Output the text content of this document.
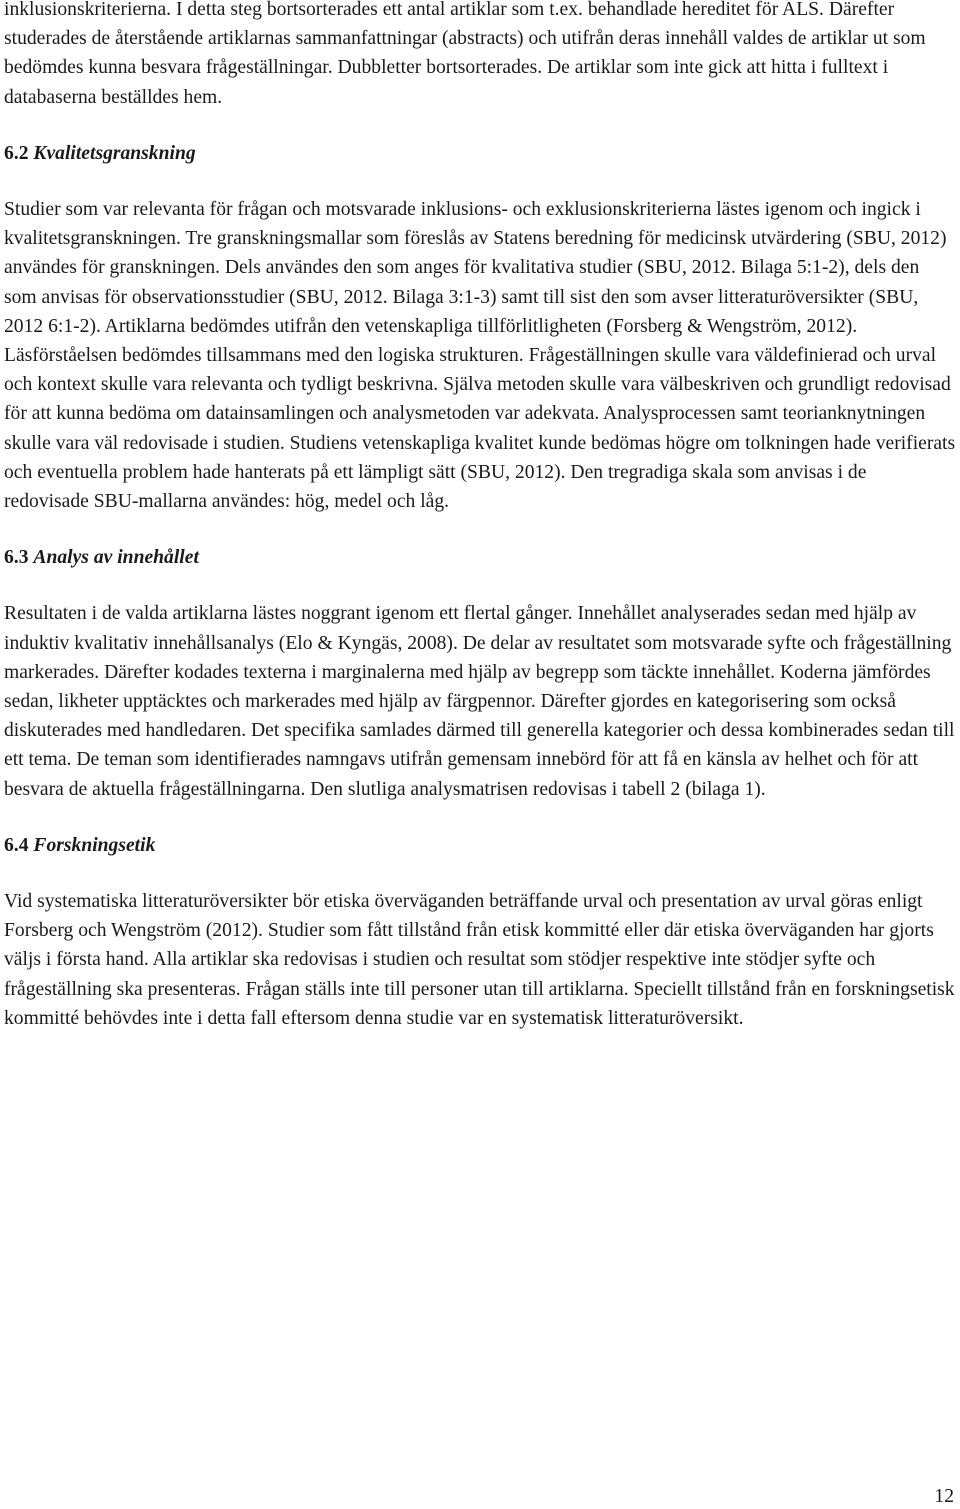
inklusionskriterierna. I detta steg bortsorterades ett antal artiklar som t.ex. behandlade hereditet för ALS. Därefter studerades de återstående artiklarnas sammanfattningar (abstracts) och utifrån deras innehåll valdes de artiklar ut som bedömdes kunna besvara frågeställningar. Dubbletter bortsorterades. De artiklar som inte gick att hitta i fulltext i databaserna beställdes hem.

6.2 Kvalitetsgranskning

Studier som var relevanta för frågan och motsvarade inklusions- och exklusionskriterierna lästes igenom och ingick i kvalitetsgranskningen. Tre granskningsmallar som föreslås av Statens beredning för medicinsk utvärdering (SBU, 2012) användes för granskningen. Dels användes den som anges för kvalitativa studier (SBU, 2012. Bilaga 5:1-2), dels den som anvisas för observationsstudier (SBU, 2012. Bilaga 3:1-3) samt till sist den som avser litteraturöversikter (SBU, 2012 6:1-2). Artiklarna bedömdes utifrån den vetenskapliga tillförlitligheten (Forsberg & Wengström, 2012). Läsförståelsen bedömdes tillsammans med den logiska strukturen. Frågeställningen skulle vara väldefinierad och urval och kontext skulle vara relevanta och tydligt beskrivna. Själva metoden skulle vara välbeskriven och grundligt redovisad för att kunna bedöma om datainsamlingen och analysmetoden var adekvata. Analysprocessen samt teorianknytningen skulle vara väl redovisade i studien. Studiens vetenskapliga kvalitet kunde bedömas högre om tolkningen hade verifierats och eventuella problem hade hanterats på ett lämpligt sätt (SBU, 2012). Den tregradiga skala som anvisas i de redovisade SBU-mallarna användes: hög, medel och låg.

6.3 Analys av innehållet

Resultaten i de valda artiklarna lästes noggrant igenom ett flertal gånger. Innehållet analyserades sedan med hjälp av induktiv kvalitativ innehållsanalys (Elo & Kyngäs, 2008). De delar av resultatet som motsvarade syfte och frågeställning markerades. Därefter kodades texterna i marginalerna med hjälp av begrepp som täckte innehållet. Koderna jämfördes sedan, likheter upptäcktes och markerades med hjälp av färgpennor. Därefter gjordes en kategorisering som också diskuterades med handledaren. Det specifika samlades därmed till generella kategorier och dessa kombinerades sedan till ett tema. De teman som identifierades namngavs utifrån gemensam innebörd för att få en känsla av helhet och för att besvara de aktuella frågeställningarna. Den slutliga analysmatrisen redovisas i tabell 2 (bilaga 1).

6.4 Forskningsetik

Vid systematiska litteraturöversikter bör etiska överväganden beträffande urval och presentation av urval göras enligt Forsberg och Wengström (2012). Studier som fått tillstånd från etisk kommitté eller där etiska överväganden har gjorts väljs i första hand. Alla artiklar ska redovisas i studien och resultat som stödjer respektive inte stödjer syfte och frågeställning ska presenteras. Frågan ställs inte till personer utan till artiklarna. Speciellt tillstånd från en forskningsetisk kommitté behövdes inte i detta fall eftersom denna studie var en systematisk litteraturöversikt.

12
